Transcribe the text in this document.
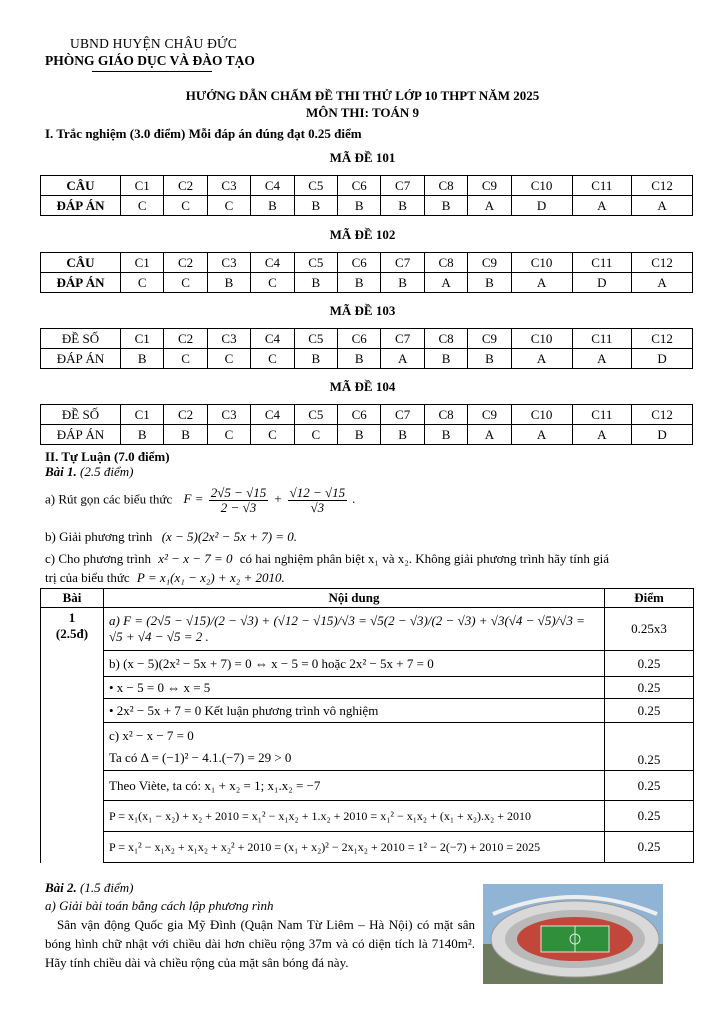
UBND HUYỆN CHÂU ĐỨC
PHÒNG GIÁO DỤC VÀ ĐÀO TẠO
HƯỚNG DẪN CHẤM ĐỀ THI THỬ LỚP 10 THPT NĂM 2025
MÔN THI: TOÁN 9
I. Trắc nghiệm (3.0 điểm) Mỗi đáp án đúng đạt 0.25 điểm
MÃ ĐỀ 101
CÂU	C1	C2	C3	C4	C5	C6	C7	C8	C9	C10	C11	C12
ĐÁP ÁN	C	C	C	B	B	B	B	B	A	D	A	A
MÃ ĐỀ 102
CÂU	C1	C2	C3	C4	C5	C6	C7	C8	C9	C10	C11	C12
ĐÁP ÁN	C	C	B	C	B	B	B	A	B	A	D	A
MÃ ĐỀ 103
ĐỀ SỐ	C1	C2	C3	C4	C5	C6	C7	C8	C9	C10	C11	C12
ĐÁP ÁN	B	C	C	C	B	B	A	B	B	A	A	D
MÃ ĐỀ 104
ĐỀ SỐ	C1	C2	C3	C4	C5	C6	C7	C8	C9	C10	C11	C12
ĐÁP ÁN	B	B	C	C	C	B	B	B	A	A	A	D
II. Tự Luận (7.0 điểm)
Bài 1. (2.5 điểm)
a) Rút gọn các biểu thức $F = \frac{2√5 - √15}{2 - √3} + \frac{√12 - √15}{√3}$ .
b) Giải phương trình (x − 5)(2x² − 5x + 7) = 0.
c) Cho phương trình x² − x − 7 = 0 có hai nghiệm phân biệt x₁ và x₂. Không giải phương trình hãy tính giá
trị của biểu thức P = x₁(x₁ − x₂) + x₂ + 2010.
Bài	Nội dung	Điểm

1
(2.5đ)	a) F = (2√5 − √15)/(2 − √3) + (√12 − √15)/√3 = √5(2 − √3)/(2 − √3) + √3(√4 − √5)/√3 = √5 + √4 − √5 = 2 .	0.25x3
	b) (x − 5)(2x² − 5x + 7) = 0 ⇔ x − 5 = 0 hoặc 2x² − 5x + 7 = 0	0.25
	• x − 5 = 0 ⇔ x = 5	0.25
	• 2x² − 5x + 7 = 0 Kết luận phương trình vô nghiệm	0.25

	c) x² − x − 7 = 0
Ta có Δ = (−1)² − 4.1.(−7) = 29 > 0	0.25
	Theo Viète, ta có: x₁ + x₂ = 1; x₁.x₂ = −7	0.25
	P = x₁(x₁ − x₂) + x₂ + 2010 = x₁² − x₁x₂ + 1.x₂ + 2010 = x₁² − x₁x₂ + (x₁ + x₂).x₂ + 2010	0.25
	P = x₁² − x₁x₂ + x₁x₂ + x₂² + 2010 = (x₁ + x₂)² − 2x₁x₂ + 2010 = 1² − 2(−7) + 2010 = 2025	0.25
Bài 2. (1.5 điểm)
a) Giải bài toán bằng cách lập phương rình
Sân vận động Quốc gia Mỹ Đình (Quận Nam Từ Liêm – Hà Nội) có mặt sân bóng hình chữ nhật với chiều dài hơn chiều rộng 37m và có diện tích là 7140m². Hãy tính chiều dài và chiều rộng của mặt sân bóng đá này.
